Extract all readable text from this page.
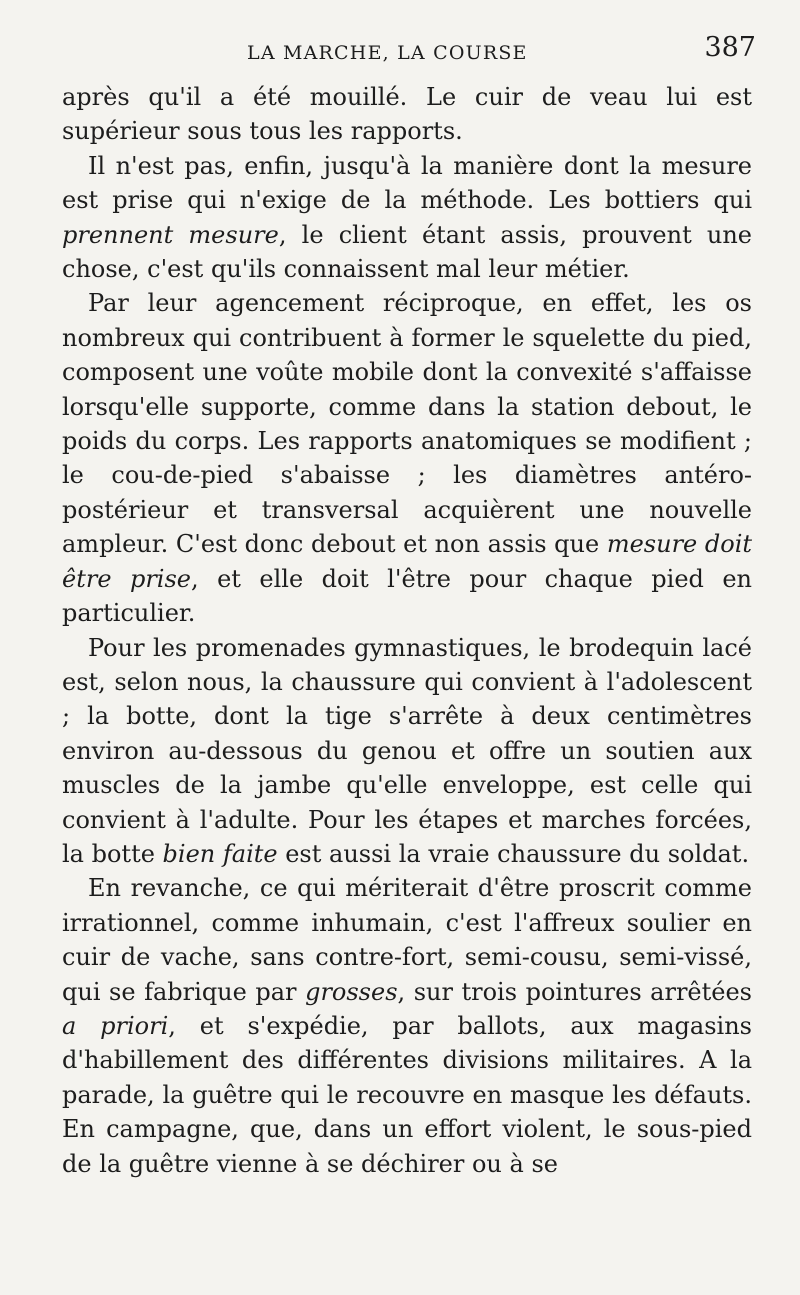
LA MARCHE, LA COURSE	387

après qu'il a été mouillé. Le cuir de veau lui est supérieur sous tous les rapports.

Il n'est pas, enfin, jusqu'à la manière dont la mesure est prise qui n'exige de la méthode. Les bottiers qui prennent mesure, le client étant assis, prouvent une chose, c'est qu'ils connaissent mal leur métier.

Par leur agencement réciproque, en effet, les os nombreux qui contribuent à former le squelette du pied, composent une voûte mobile dont la convexité s'affaisse lorsqu'elle supporte, comme dans la station debout, le poids du corps. Les rapports anatomiques se modifient ; le cou-de-pied s'abaisse ; les diamètres antéro-postérieur et transversal acquièrent une nouvelle ampleur. C'est donc debout et non assis que mesure doit être prise, et elle doit l'être pour chaque pied en particulier.

Pour les promenades gymnastiques, le brodequin lacé est, selon nous, la chaussure qui convient à l'adolescent ; la botte, dont la tige s'arrête à deux centimètres environ au-dessous du genou et offre un soutien aux muscles de la jambe qu'elle enveloppe, est celle qui convient à l'adulte. Pour les étapes et marches forcées, la botte bien faite est aussi la vraie chaussure du soldat.

En revanche, ce qui mériterait d'être proscrit comme irrationnel, comme inhumain, c'est l'affreux soulier en cuir de vache, sans contre-fort, semi-cousu, semi-vissé, qui se fabrique par grosses, sur trois pointures arrêtées a priori, et s'expédie, par ballots, aux magasins d'habillement des différentes divisions militaires. A la parade, la guêtre qui le recouvre en masque les défauts. En campagne, que, dans un effort violent, le sous-pied de la guêtre vienne à se déchirer ou à se
